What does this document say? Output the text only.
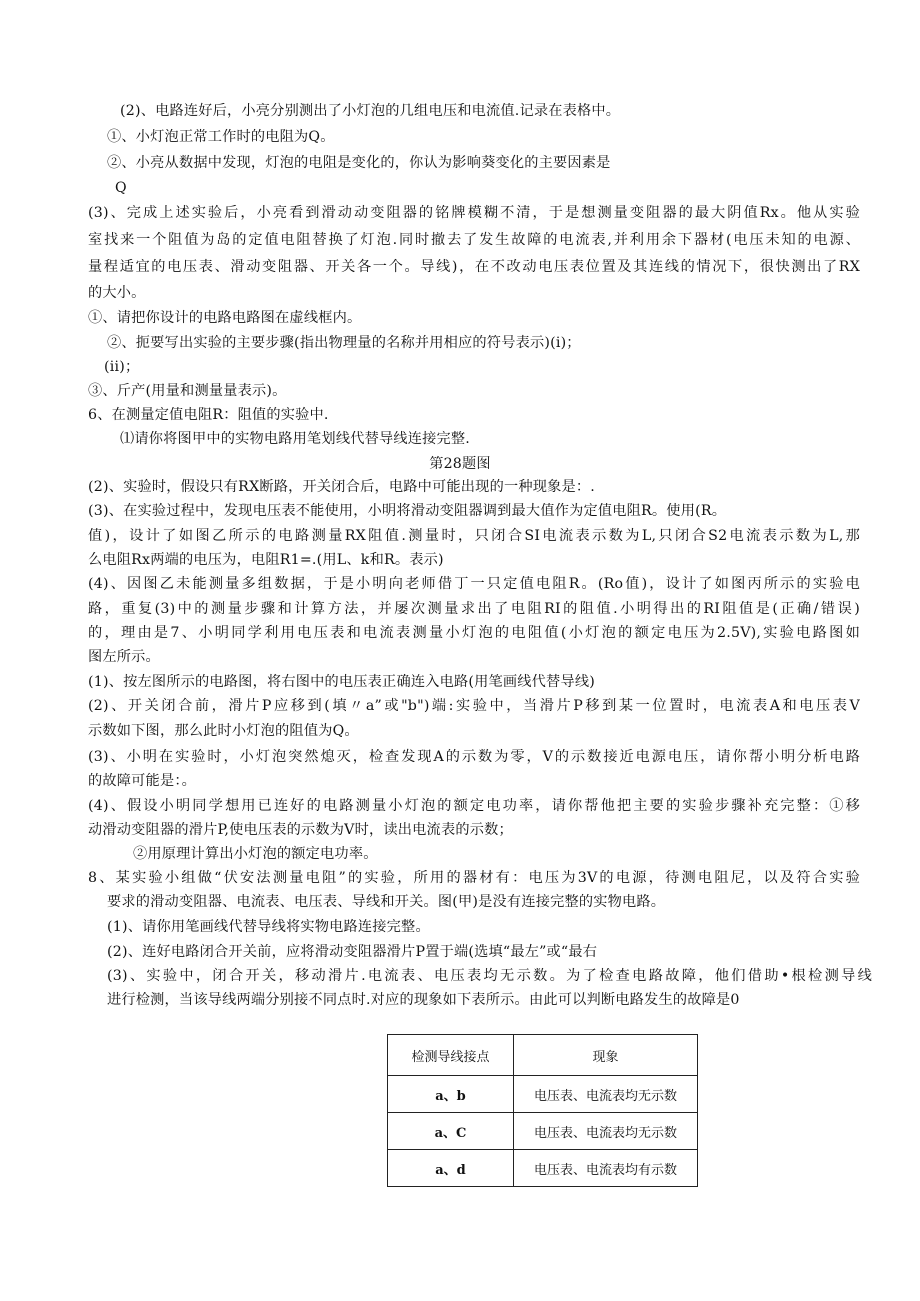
(2)、电路连好后，小亮分别测出了小灯泡的几组电压和电流值.记录在表格中。
①、小灯泡正常工作时的电阻为Q。
②、小亮从数据中发现，灯泡的电阻是变化的，你认为影响葵变化的主要因素是
Q
(3)、完成上述实验后，小亮看到滑动动变阻器的铭牌模糊不清，于是想测量变阻器的最大阴值Rx。他从实验
室找来一个阻值为岛的定值电阻替换了灯泡.同时撤去了发生故障的电流表,并利用余下器材(电压未知的电源、
量程适宜的电压表、滑动变阻器、开关各一个。导线)，在不改动电压表位置及其连线的情况下，很快测出了RX
的大小。
①、请把你设计的电路电路图在虚线框内。
②、扼要写出实验的主要步骤(指出物理量的名称并用相应的符号表示)(i)；
(ii)；
③、斤产(用量和测量量表示)。
6、在测量定值电阻R：阻值的实验中.
⑴请你将图甲中的实物电路用笔划线代替导线连接完整.
第28题图
(2)、实验时，假设只有RX断路，开关闭合后，电路中可能出现的一种现象是：.
(3)、在实验过程中，发现电压表不能使用，小明将滑动变阻器调到最大值作为定值电阻R。使用(R。
值)，设计了如图乙所示的电路测量RX阻值.测量时，只闭合SI电流表示数为L,只闭合S2电流表示数为L,那
么电阻Rx两端的电压为，电阻R1=.(用L、k和R。表示)
(4)、因图乙未能测量多组数据，于是小明向老师借丁一只定值电阻R。(Ro值)，设计了如图丙所示的实验电
路，重复(3)中的测量步骤和计算方法，并屡次测量求出了电阻RI的阻值.小明得出的RI阻值是(正确/错误)
的，理由是7、小明同学利用电压表和电流表测量小灯泡的电阻值(小灯泡的额定电压为2.5V),实验电路图如
图左所示。
(1)、按左图所示的电路图，将右图中的电压表正确连入电路(用笔画线代替导线)
(2)、开关闭合前，滑片P应移到(填〃a”或"b")端:实验中，当滑片P移到某一位置时，电流表A和电压表V
示数如下图，那么此时小灯泡的阻值为Q。
(3)、小明在实验时，小灯泡突然熄灭，检查发现A的示数为零，V的示数接近电源电压，请你帮小明分析电路
的故障可能是：。
(4)、假设小明同学想用已连好的电路测量小灯泡的额定电功率，请你帮他把主要的实验步骤补充完整：①移
动滑动变阻器的滑片P,使电压表的示数为V时，读出电流表的示数；
②用原理计算出小灯泡的额定电功率。
8、某实验小组做“伏安法测量电阻”的实验，所用的器材有：电压为3V的电源，待测电阻尼，以及符合实验
要求的滑动变阻器、电流表、电压表、导线和开关。图(甲)是没有连接完整的实物电路。
(1)、请你用笔画线代替导线将实物电路连接完整。
(2)、连好电路闭合开关前，应将滑动变阻器滑片P置于端(选填“最左”或“最右
(3)、实验中，闭合开关，移动滑片.电流表、电压表均无示数。为了检查电路故障，他们借助•根检测导线
进行检测，当该导线两端分别接不同点时.对应的现象如下表所示。由此可以判断电路发生的故障是0
检测导线接点	现象
a、b	电压表、电流表均无示数
a、C	电压表、电流表均无示数
a、d	电压表、电流表均有示数
